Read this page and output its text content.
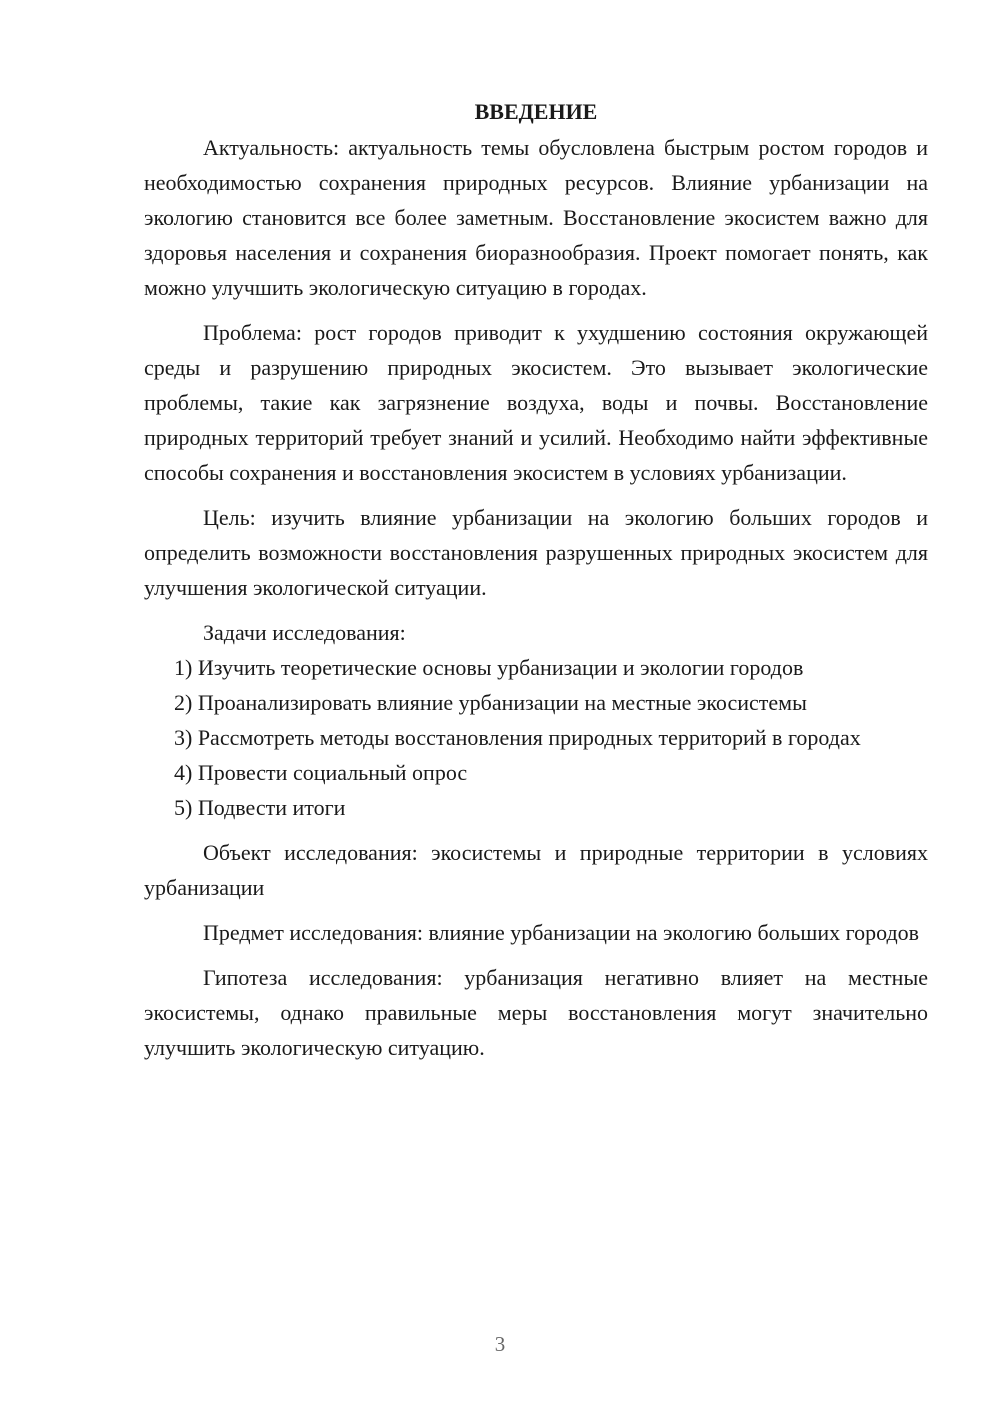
ВВЕДЕНИЕ

Актуальность: актуальность темы обусловлена быстрым ростом городов и необходимостью сохранения природных ресурсов. Влияние урбанизации на экологию становится все более заметным. Восстановление экосистем важно для здоровья населения и сохранения биоразнообразия. Проект помогает понять, как можно улучшить экологическую ситуацию в городах.

Проблема: рост городов приводит к ухудшению состояния окружающей среды и разрушению природных экосистем. Это вызывает экологические проблемы, такие как загрязнение воздуха, воды и почвы. Восстановление природных территорий требует знаний и усилий. Необходимо найти эффективные способы сохранения и восстановления экосистем в условиях урбанизации.

Цель: изучить влияние урбанизации на экологию больших городов и определить возможности восстановления разрушенных природных экосистем для улучшения экологической ситуации.

Задачи исследования:

1) Изучить теоретические основы урбанизации и экологии городов

2) Проанализировать влияние урбанизации на местные экосистемы

3) Рассмотреть методы восстановления природных территорий в городах

4) Провести социальный опрос

5) Подвести итоги

Объект исследования: экосистемы и природные территории в условиях урбанизации

Предмет исследования: влияние урбанизации на экологию больших городов

Гипотеза исследования: урбанизация негативно влияет на местные экосистемы, однако правильные меры восстановления могут значительно улучшить экологическую ситуацию.

3
